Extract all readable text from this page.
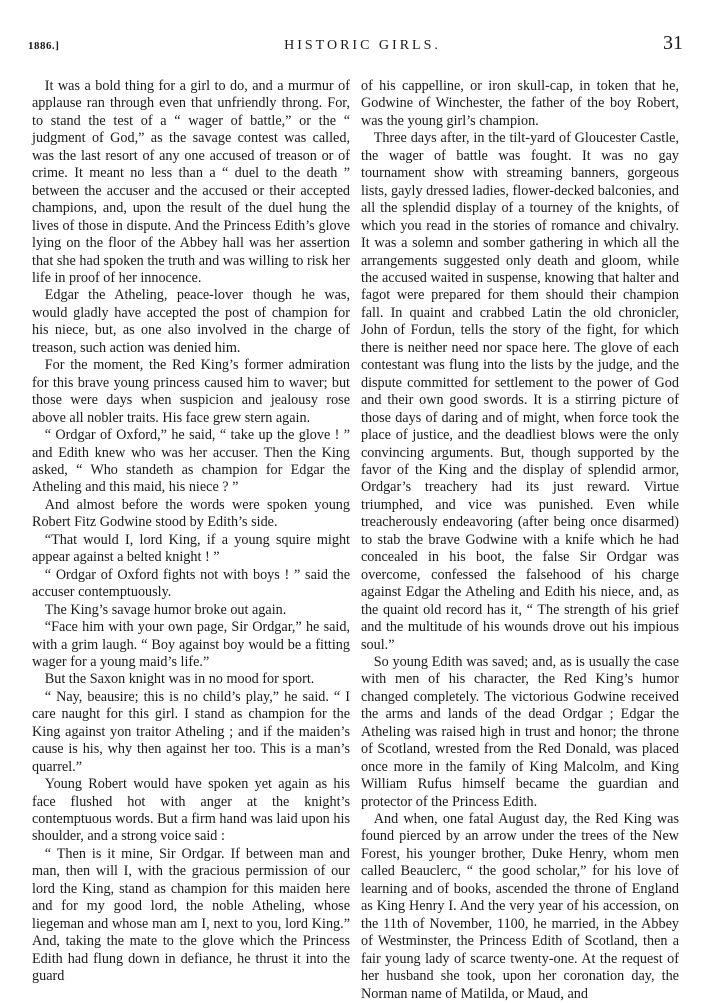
1886.]	HISTORIC GIRLS.	31

It was a bold thing for a girl to do, and a murmur of applause ran through even that unfriendly throng. For, to stand the test of a “ wager of battle,” or the “ judgment of God,” as the savage contest was called, was the last resort of any one accused of treason or of crime. It meant no less than a “ duel to the death ” between the accuser and the accused or their accepted champions, and, upon the result of the duel hung the lives of those in dispute. And the Princess Edith’s glove lying on the floor of the Abbey hall was her assertion that she had spoken the truth and was willing to risk her life in proof of her innocence.

Edgar the Atheling, peace-lover though he was, would gladly have accepted the post of champion for his niece, but, as one also involved in the charge of treason, such action was denied him.

For the moment, the Red King’s former admiration for this brave young princess caused him to waver; but those were days when suspicion and jealousy rose above all nobler traits. His face grew stern again.

“ Ordgar of Oxford,” he said, “ take up the glove ! ” and Edith knew who was her accuser. Then the King asked, “ Who standeth as champion for Edgar the Atheling and this maid, his niece ? ”

And almost before the words were spoken young Robert Fitz Godwine stood by Edith’s side.

“That would I, lord King, if a young squire might appear against a belted knight ! ”

“ Ordgar of Oxford fights not with boys ! ” said the accuser contemptuously.

The King’s savage humor broke out again.

“Face him with your own page, Sir Ordgar,” he said, with a grim laugh. “ Boy against boy would be a fitting wager for a young maid’s life.”

But the Saxon knight was in no mood for sport.

“ Nay, beausire; this is no child’s play,” he said. “ I care naught for this girl. I stand as champion for the King against yon traitor Atheling ; and if the maiden’s cause is his, why then against her too. This is a man’s quarrel.”

Young Robert would have spoken yet again as his face flushed hot with anger at the knight’s contemptuous words. But a firm hand was laid upon his shoulder, and a strong voice said :

“ Then is it mine, Sir Ordgar. If between man and man, then will I, with the gracious permission of our lord the King, stand as champion for this maiden here and for my good lord, the noble Atheling, whose liegeman and whose man am I, next to you, lord King.” And, taking the mate to the glove which the Princess Edith had flung down in defiance, he thrust it into the guard

of his cappelline, or iron skull-cap, in token that he, Godwine of Winchester, the father of the boy Robert, was the young girl’s champion.

Three days after, in the tilt-yard of Gloucester Castle, the wager of battle was fought. It was no gay tournament show with streaming banners, gorgeous lists, gayly dressed ladies, flower-decked balconies, and all the splendid display of a tourney of the knights, of which you read in the stories of romance and chivalry. It was a solemn and somber gathering in which all the arrangements suggested only death and gloom, while the accused waited in suspense, knowing that halter and fagot were prepared for them should their champion fall. In quaint and crabbed Latin the old chronicler, John of Fordun, tells the story of the fight, for which there is neither need nor space here. The glove of each contestant was flung into the lists by the judge, and the dispute committed for settlement to the power of God and their own good swords. It is a stirring picture of those days of daring and of might, when force took the place of justice, and the deadliest blows were the only convincing arguments. But, though supported by the favor of the King and the display of splendid armor, Ordgar’s treachery had its just reward. Virtue triumphed, and vice was punished. Even while treacherously endeavoring (after being once disarmed) to stab the brave Godwine with a knife which he had concealed in his boot, the false Sir Ordgar was overcome, confessed the falsehood of his charge against Edgar the Atheling and Edith his niece, and, as the quaint old record has it, “ The strength of his grief and the multitude of his wounds drove out his impious soul.”

So young Edith was saved; and, as is usually the case with men of his character, the Red King’s humor changed completely. The victorious Godwine received the arms and lands of the dead Ordgar ; Edgar the Atheling was raised high in trust and honor; the throne of Scotland, wrested from the Red Donald, was placed once more in the family of King Malcolm, and King William Rufus himself became the guardian and protector of the Princess Edith.

And when, one fatal August day, the Red King was found pierced by an arrow under the trees of the New Forest, his younger brother, Duke Henry, whom men called Beauclerc, “ the good scholar,” for his love of learning and of books, ascended the throne of England as King Henry I. And the very year of his accession, on the 11th of November, 1100, he married, in the Abbey of Westminster, the Princess Edith of Scotland, then a fair young lady of scarce twenty-one. At the request of her husband she took, upon her coronation day, the Norman name of Matilda, or Maud, and
